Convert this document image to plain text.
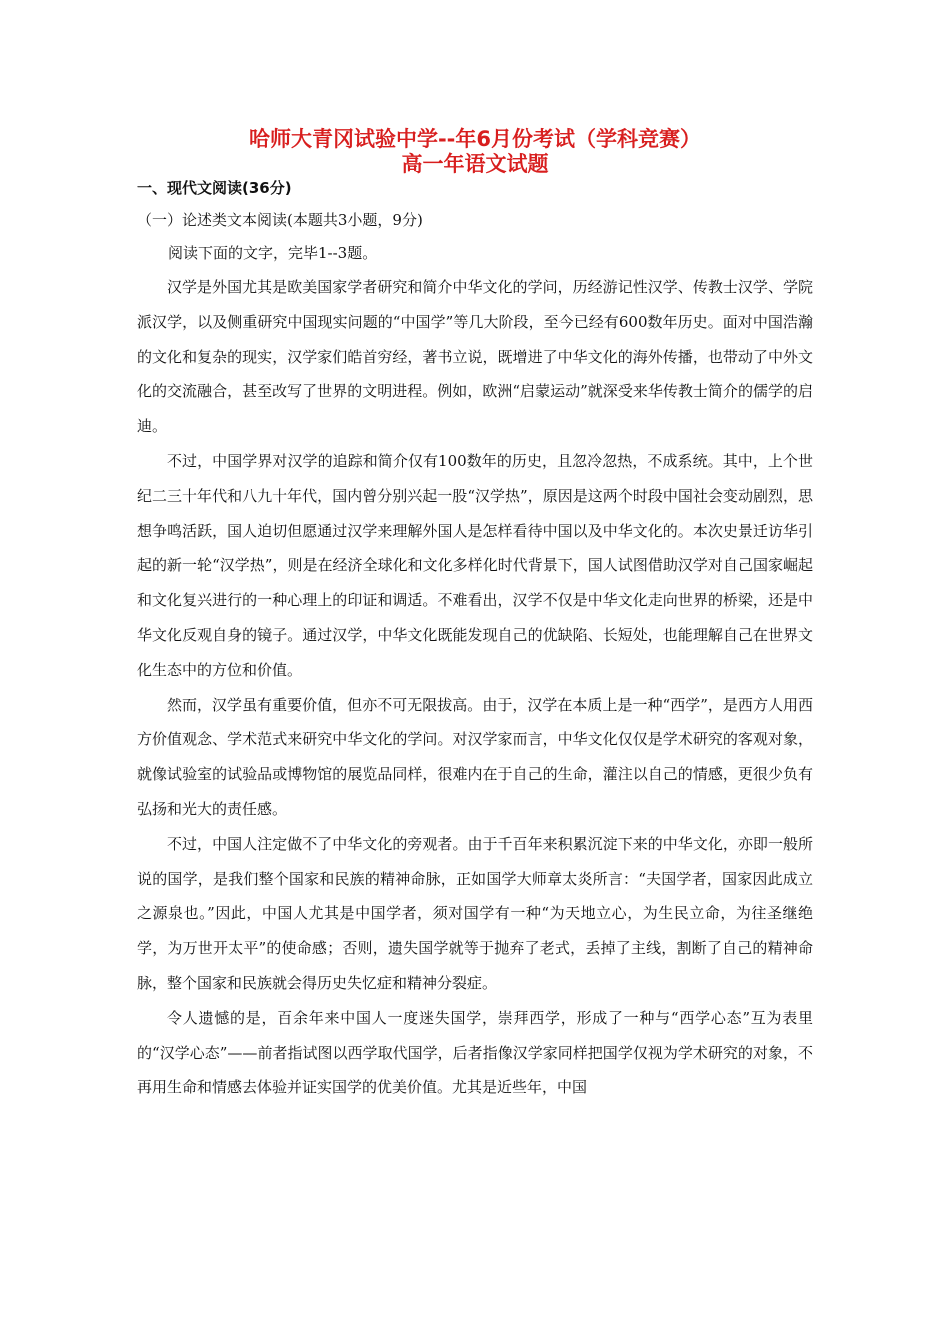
哈师大青冈试验中学--年6月份考试（学科竞赛）
高一年语文试题
一、现代文阅读(36分)
（一）论述类文本阅读(本题共3小题，9分)
阅读下面的文字，完毕1--3题。

汉学是外国尤其是欧美国家学者研究和简介中华文化的学问，历经游记性汉学、传教士汉学、学院派汉学，以及侧重研究中国现实问题的“中国学”等几大阶段，至今已经有600数年历史。面对中国浩瀚的文化和复杂的现实，汉学家们皓首穷经，著书立说，既增进了中华文化的海外传播，也带动了中外文化的交流融合，甚至改写了世界的文明进程。例如，欧洲“启蒙运动”就深受来华传教士简介的儒学的启迪。

不过，中国学界对汉学的追踪和简介仅有100数年的历史，且忽冷忽热，不成系统。其中，上个世纪二三十年代和八九十年代，国内曾分别兴起一股“汉学热”，原因是这两个时段中国社会变动剧烈，思想争鸣活跃，国人迫切但愿通过汉学来理解外国人是怎样看待中国以及中华文化的。本次史景迁访华引起的新一轮“汉学热”，则是在经济全球化和文化多样化时代背景下，国人试图借助汉学对自己国家崛起和文化复兴进行的一种心理上的印证和调适。不难看出，汉学不仅是中华文化走向世界的桥梁，还是中华文化反观自身的镜子。通过汉学，中华文化既能发现自己的优缺陷、长短处，也能理解自己在世界文化生态中的方位和价值。

然而，汉学虽有重要价值，但亦不可无限拔高。由于，汉学在本质上是一种“西学”，是西方人用西方价值观念、学术范式来研究中华文化的学问。对汉学家而言，中华文化仅仅是学术研究的客观对象，就像试验室的试验品或博物馆的展览品同样，很难内在于自己的生命，灌注以自己的情感，更很少负有弘扬和光大的责任感。

不过，中国人注定做不了中华文化的旁观者。由于千百年来积累沉淀下来的中华文化，亦即一般所说的国学，是我们整个国家和民族的精神命脉，正如国学大师章太炎所言：“夫国学者，国家因此成立之源泉也。”因此，中国人尤其是中国学者，须对国学有一种“为天地立心，为生民立命，为往圣继绝学，为万世开太平”的使命感；否则，遗失国学就等于抛弃了老式，丢掉了主线，割断了自己的精神命脉，整个国家和民族就会得历史失忆症和精神分裂症。

令人遗憾的是，百余年来中国人一度迷失国学，崇拜西学，形成了一种与“西学心态”互为表里的“汉学心态”——前者指试图以西学取代国学，后者指像汉学家同样把国学仅视为学术研究的对象，不再用生命和情感去体验并证实国学的优美价值。尤其是近些年，中国
